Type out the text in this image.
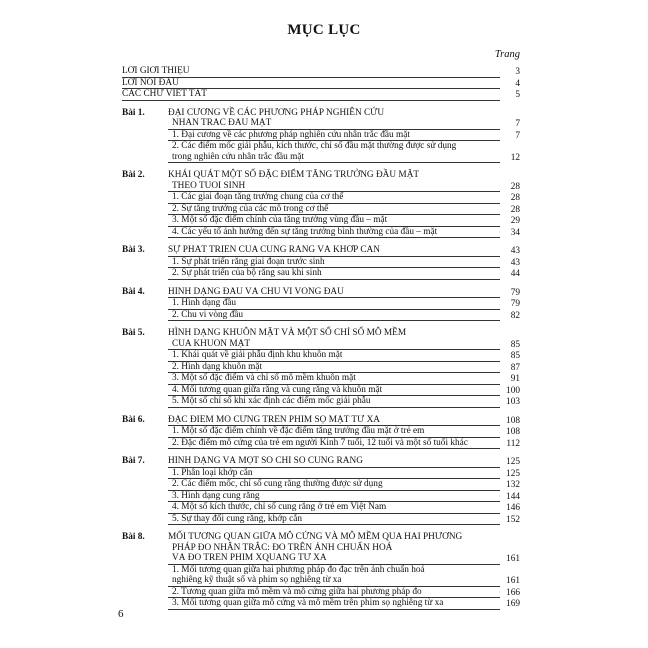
MỤC LỤC
Trang
LỜI GIỚI THIỆU	3
LỜI NÓI ĐẦU	4
CÁC CHỮ VIẾT TẮT	5
Bài 1.	ĐẠI CƯƠNG VỀ CÁC PHƯƠNG PHÁP NGHIÊN CỨU
NHÂN TRẮC ĐẦU MẶT	7
1. Đại cương về các phương pháp nghiên cứu nhân trắc đầu mặt	7
2. Các điểm mốc giải phẫu, kích thước, chỉ số đầu mặt thường được sử dụng
trong nghiên cứu nhân trắc đầu mặt	12
Bài 2.	KHÁI QUÁT MỘT SỐ ĐẶC ĐIỂM TĂNG TRƯỞNG ĐẦU MẶT
THEO TUỔI SINH	28
1. Các giai đoạn tăng trưởng chung của cơ thể	28
2. Sự tăng trưởng của các mô trong cơ thể	28
3. Một số đặc điểm chính của tăng trưởng vùng đầu – mặt	29
4. Các yếu tố ảnh hưởng đến sự tăng trưởng bình thường của đầu – mặt	34
Bài 3.	SỰ PHÁT TRIỂN CỦA CUNG RĂNG VÀ KHỚP CẮN	43
1. Sự phát triển răng giai đoạn trước sinh	43
2. Sự phát triển của bộ răng sau khi sinh	44
Bài 4.	HÌNH DẠNG ĐẦU VÀ CHU VI VÒNG ĐẦU	79
1. Hình dạng đầu	79
2. Chu vi vòng đầu	82
Bài 5.	HÌNH DẠNG KHUÔN MẶT VÀ MỘT SỐ CHỈ SỐ MÔ MỀM
CỦA KHUÔN MẶT	85
1. Khái quát về giải phẫu định khu khuôn mặt	85
2. Hình dạng khuôn mặt	87
3. Một số đặc điểm và chỉ số mô mềm khuôn mặt	91
4. Mối tương quan giữa răng và cung răng và khuôn mặt	100
5. Một số chỉ số khi xác định các điểm mốc giải phẫu	103
Bài 6.	ĐẶC ĐIỂM MÔ CỨNG TRÊN PHIM SỌ MẶT TỪ XA	108
1. Một số đặc điểm chính về đặc điểm tăng trưởng đầu mặt ở trẻ em	108
2. Đặc điểm mô cứng của trẻ em người Kinh 7 tuổi, 12 tuổi và một số tuổi khác	112
Bài 7.	HÌNH DẠNG VÀ MỘT SỐ CHỈ SỐ CUNG RĂNG	125
1. Phân loại khớp cắn	125
2. Các điểm mốc, chỉ số cung răng thường được sử dụng	132
3. Hình dạng cung răng	144
4. Một số kích thước, chỉ số cung răng ở trẻ em Việt Nam	146
5. Sự thay đổi cung răng, khớp cắn	152
Bài 8.	MỐI TƯƠNG QUAN GIỮA MÔ CỨNG VÀ MÔ MỀM QUA HAI PHƯƠNG
PHÁP ĐO NHÂN TRẮC: ĐO TRÊN ẢNH CHUẨN HOÁ
VÀ ĐO TRÊN PHIM XQUANG TỪ XA	161
1. Mối tương quan giữa hai phương pháp đo đạc trên ảnh chuẩn hoá
nghiêng kỹ thuật số và phim sọ nghiêng từ xa	161
2. Tương quan giữa mô mềm và mô cứng giữa hai phương pháp đo	166
3. Mối tương quan giữa mô cứng và mô mềm trên phim sọ nghiêng từ xa	169
6
